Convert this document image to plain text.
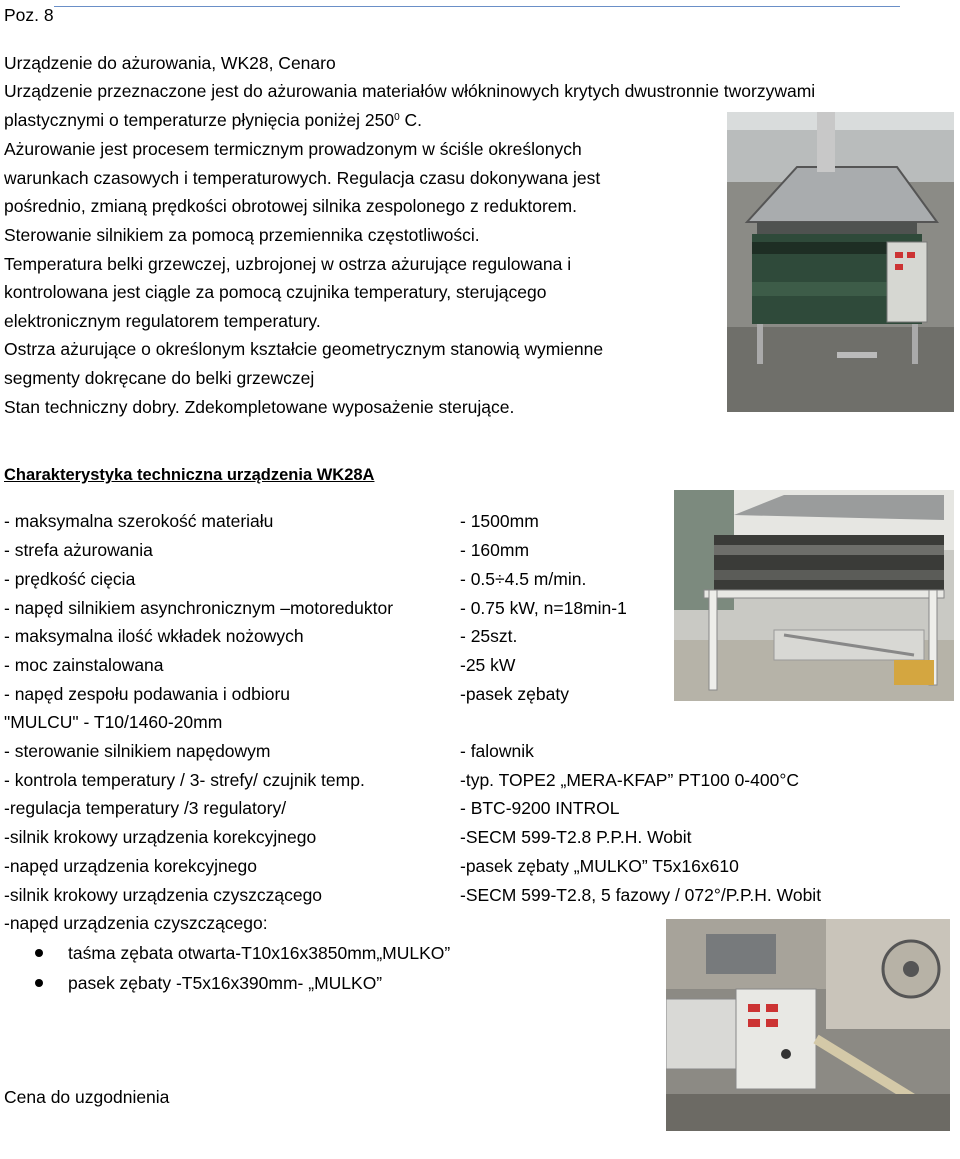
Poz. 8
Urządzenie do ażurowania, WK28, Cenaro
Urządzenie przeznaczone jest do ażurowania materiałów włókninowych krytych dwustronnie tworzywami
plastycznymi o temperaturze płynięcia poniżej $250^0$ C.
Ażurowanie jest procesem termicznym prowadzonym w ściśle określonych
warunkach czasowych i temperaturowych. Regulacja czasu dokonywana jest
pośrednio, zmianą prędkości obrotowej silnika zespolonego z reduktorem.
Sterowanie silnikiem za pomocą przemiennika częstotliwości.
Temperatura belki grzewczej, uzbrojonej w ostrza ażurujące regulowana i
kontrolowana jest ciągle za pomocą czujnika temperatury, sterującego
elektronicznym regulatorem temperatury.
Ostrza ażurujące o określonym kształcie geometrycznym stanowią wymienne
segmenty dokręcane do belki grzewczej
Stan techniczny dobry. Zdekompletowane wyposażenie sterujące.
Charakterystyka techniczna urządzenia WK28A
- maksymalna szerokość materiału	- 1500mm
- strefa ażurowania	- 160mm
- prędkość cięcia	- 0.5÷4.5 m/min.
- napęd silnikiem asynchronicznym –motoreduktor	- 0.75 kW, n=18min-1
- maksymalna ilość wkładek nożowych	- 25szt.
- moc zainstalowana	-25 kW
- napęd zespołu podawania i odbioru	-pasek zębaty
"MULCU" - T10/1460-20mm
- sterowanie silnikiem napędowym	- falownik
- kontrola temperatury / 3- strefy/ czujnik temp.	-typ. TOPE2 „MERA-KFAP” PT100 0-400°C
-regulacja temperatury /3 regulatory/	- BTC-9200 INTROL
-silnik krokowy urządzenia korekcyjnego	-SECM 599-T2.8 P.P.H. Wobit
-napęd urządzenia korekcyjnego	-pasek zębaty „MULKO” T5x16x610
-silnik krokowy urządzenia czyszczącego	-SECM 599-T2.8, 5 fazowy / 072°/P.P.H. Wobit
-napęd urządzenia czyszczącego:
taśma zębata otwarta-T10x16x3850mm„MULKO”
pasek zębaty -T5x16x390mm- „MULKO”
Cena do uzgodnienia
